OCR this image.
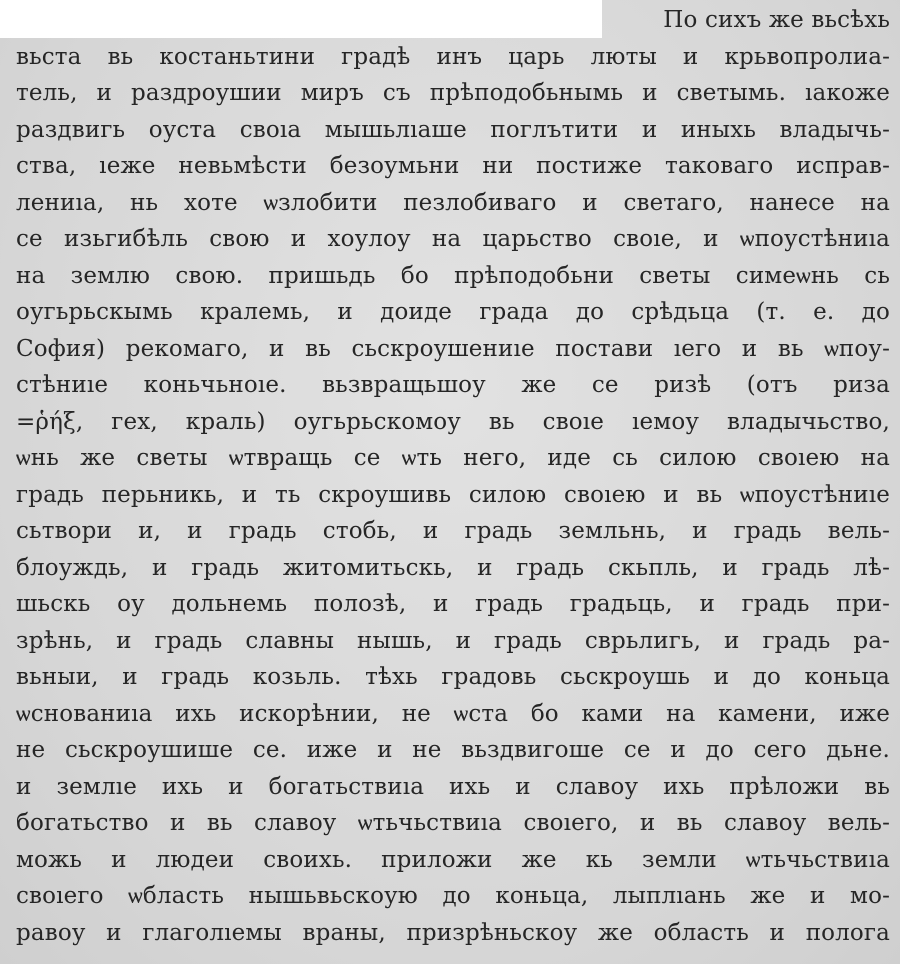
По сихъ же вьсѣхь
вьста вь костаньтини градѣ инъ царь люты и крьвопролиа-
тель, и раздроушии миръ съ прѣподобьнымь и светымь. ıакоже
раздвигь оуста своıа мышьлıаше поглътити и иныхь владычь-
ства, ıеже невьмѣсти безоумьни ни постиже таковаго исправ-
лениıа, нь хоте ѡзлобити пезлобиваго и светаго, нанесе на
се изьгибѣль свою и хоулоу на царьство своıе, и ѡпоустѣниıа
на землю свою. пришьдь бо прѣподобьни светы симеѡнь сь
оугьрьскымь кралемь, и доиде града до срѣдьца (т. е. до
София) рекомаго, и вь сьскроушениıе постави ıего и вь ѡпоу-
стѣниıе коньчьноıе. вьзвращьшоу же се ризѣ (отъ риза
=ῥήξ, гех, краль) оугьрьскомоу вь своıе ıемоу владычьство,
ѡнь же светы ѡтвращь се ѡть него, иде сь силою своıею на
градь перьникь, и ть скроушивь силою своıею и вь ѡпоустѣниıе
сьтвори и, и градь стобь, и градь земльнь, и градь вель-
блоуждь, и градь житомитьскь, и градь скьпль, и градь лѣ-
шьскь оу дольнемь полозѣ, и градь градьць, и градь при-
зрѣнь, и градь славны нышь, и градь сврьлигь, и градь ра-
вьныи, и градь козьль. тѣхь градовь сьскроушь и до коньца
ѡснованиıа ихь искорѣнии, не ѡста бо ками на камени, иже
не сьскроушише се. иже и не вьздвигоше се и до сего дьне.
и землıе ихь и богатьствиıа ихь и славоу ихь прѣложи вь
богатьство и вь славоу ѡтьчьствиıа своıего, и вь славоу вель-
можь и людеи своихь. приложи же кь земли ѡтьчьствиıа
своıего ѡбласть нышьвьскоую до коньца, лыплıань же и мо-
равоу и глаголıемы враны, призрѣньскоу же область и полога
